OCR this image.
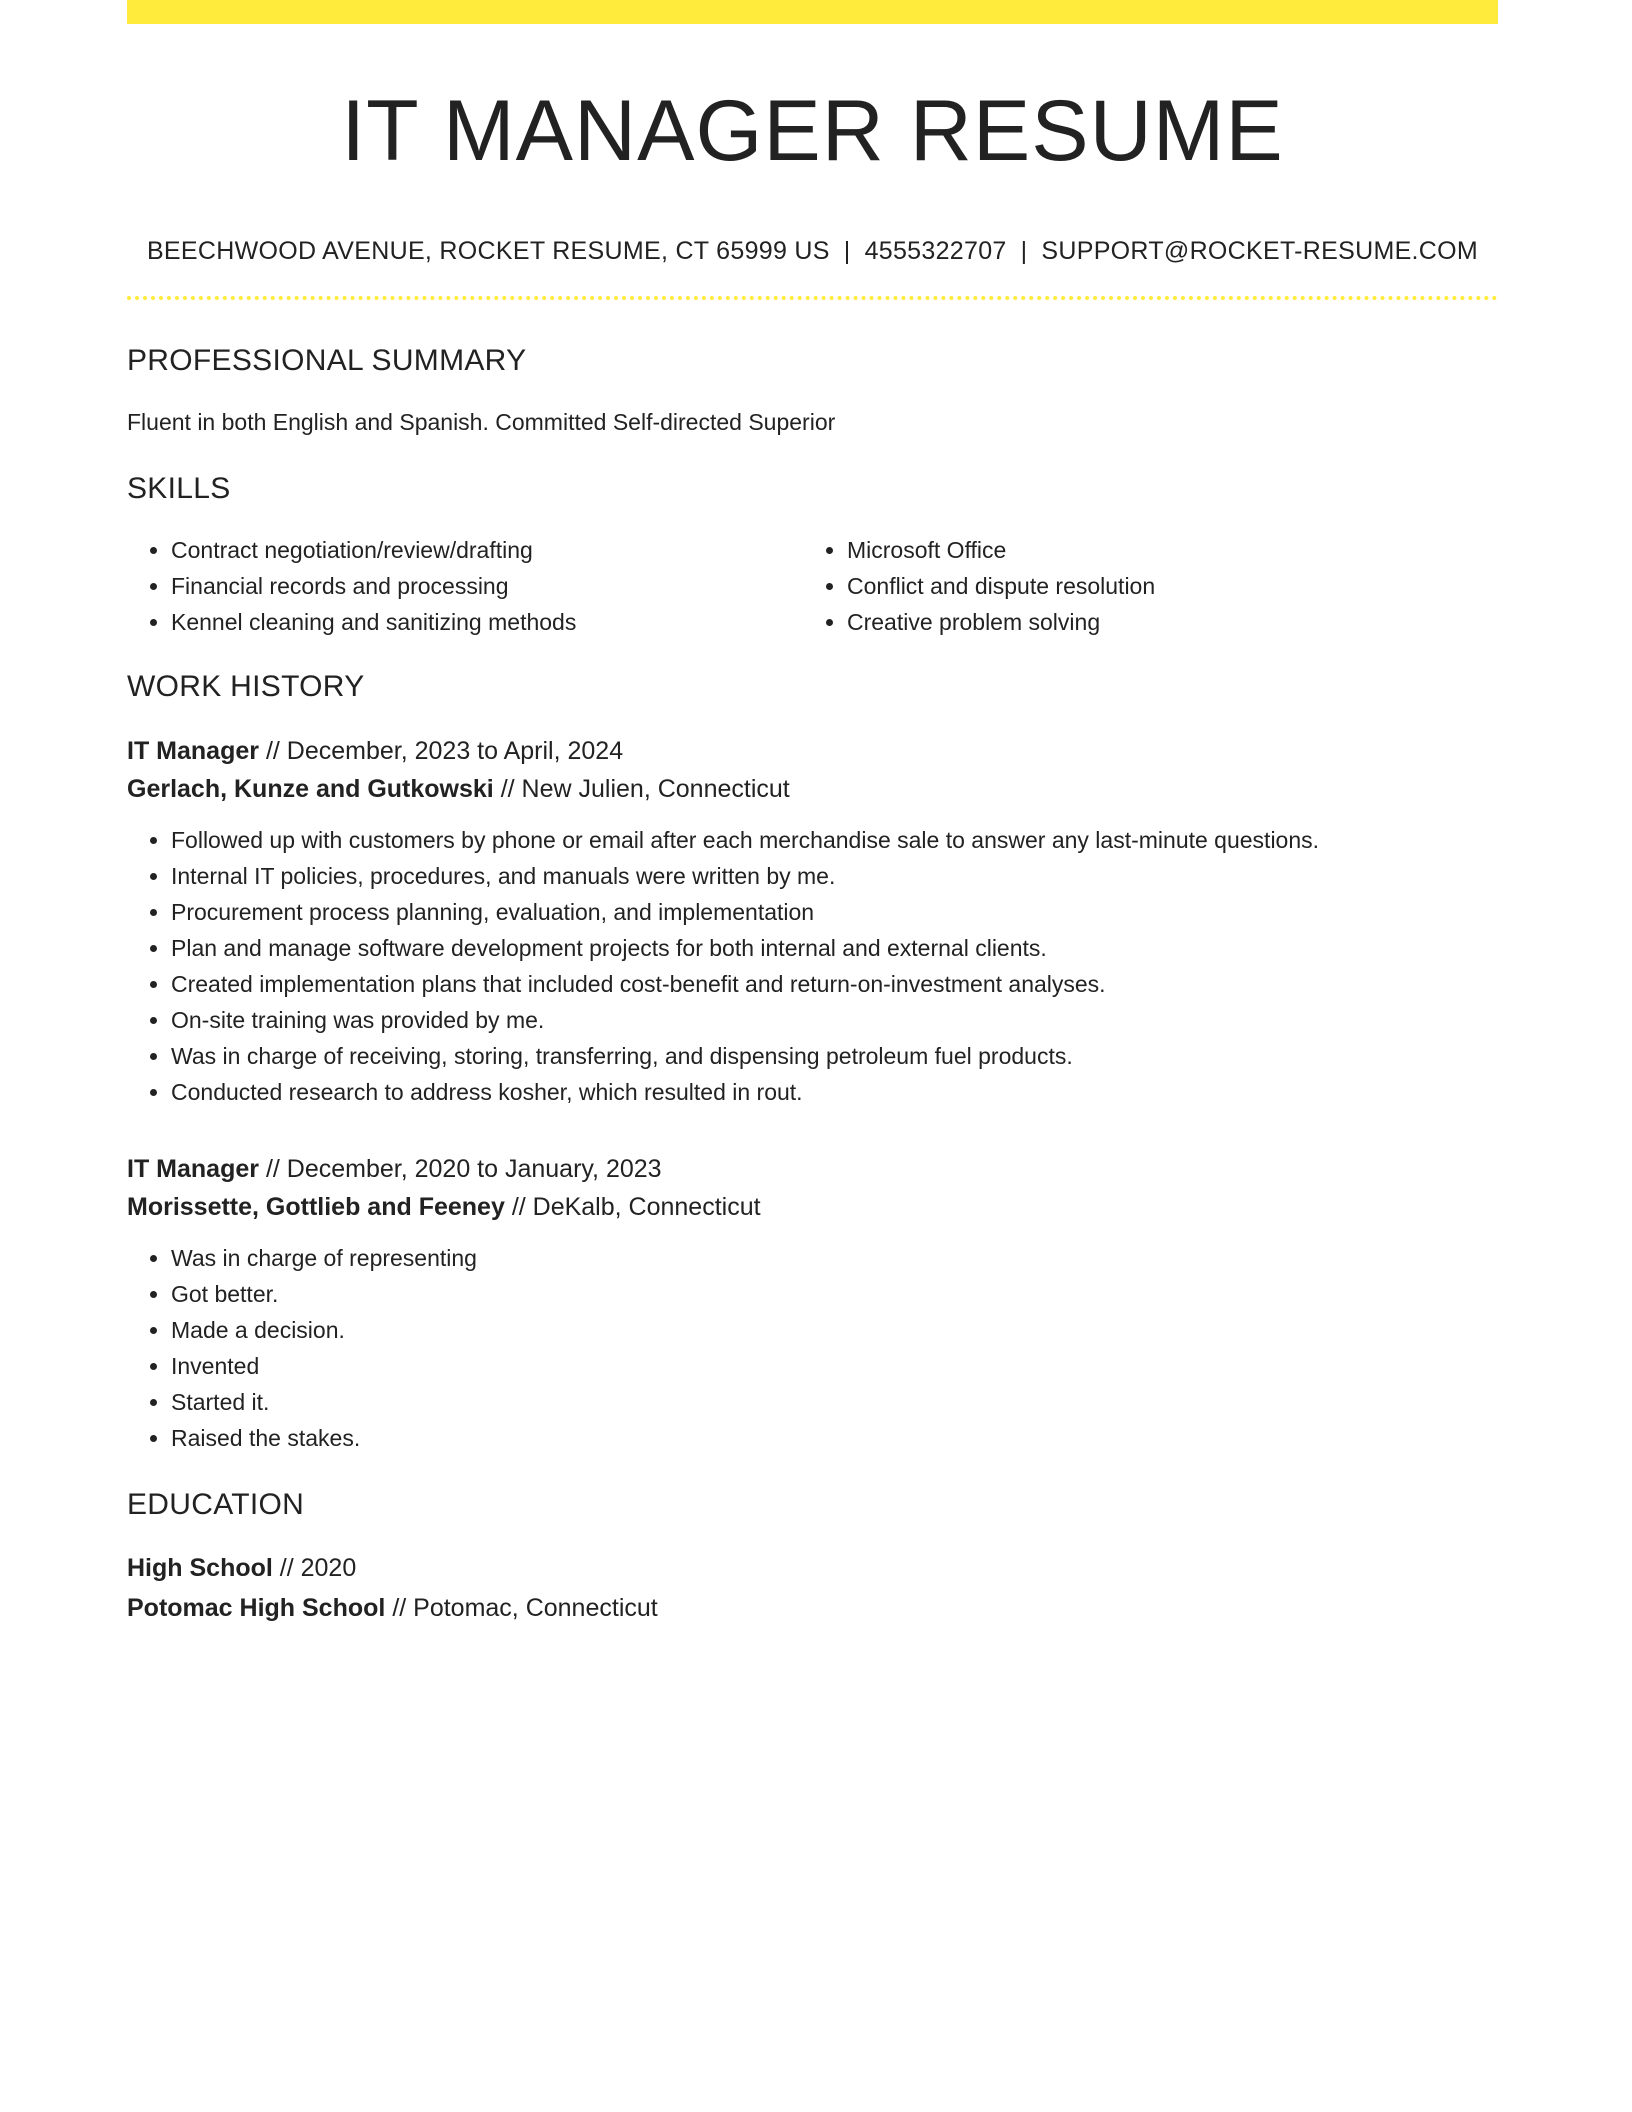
IT MANAGER RESUME
BEECHWOOD AVENUE, ROCKET RESUME, CT 65999 US | 4555322707 | SUPPORT@ROCKET-RESUME.COM
PROFESSIONAL SUMMARY
Fluent in both English and Spanish. Committed Self-directed Superior
SKILLS
• Contract negotiation/review/drafting
• Financial records and processing
• Kennel cleaning and sanitizing methods
• Microsoft Office
• Conflict and dispute resolution
• Creative problem solving
WORK HISTORY
IT Manager // December, 2023 to April, 2024
Gerlach, Kunze and Gutkowski // New Julien, Connecticut
• Followed up with customers by phone or email after each merchandise sale to answer any last-minute questions.
• Internal IT policies, procedures, and manuals were written by me.
• Procurement process planning, evaluation, and implementation
• Plan and manage software development projects for both internal and external clients.
• Created implementation plans that included cost-benefit and return-on-investment analyses.
• On-site training was provided by me.
• Was in charge of receiving, storing, transferring, and dispensing petroleum fuel products.
• Conducted research to address kosher, which resulted in rout.
IT Manager // December, 2020 to January, 2023
Morissette, Gottlieb and Feeney // DeKalb, Connecticut
• Was in charge of representing
• Got better.
• Made a decision.
• Invented
• Started it.
• Raised the stakes.
EDUCATION
High School // 2020
Potomac High School // Potomac, Connecticut
